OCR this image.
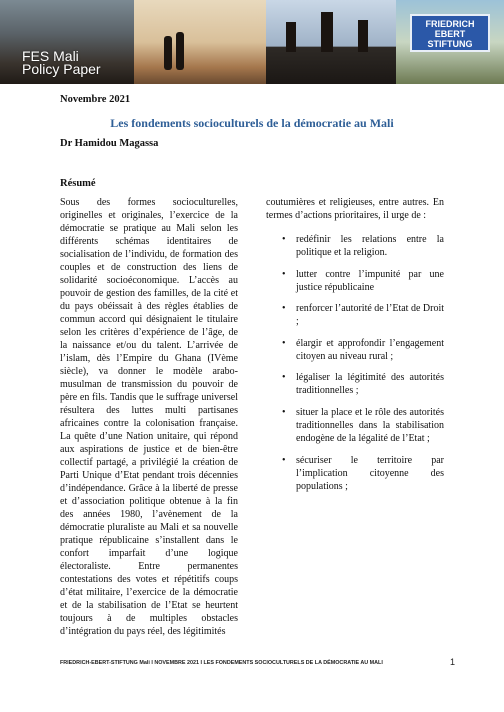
FES Mali
Policy Paper
FRIEDRICH
EBERT
STIFTUNG
Novembre 2021
Les fondements socioculturels de la démocratie au Mali
Dr Hamidou Magassa
Résumé
Sous des formes socioculturelles, originelles et originales, l’exercice de la démocratie se pratique au Mali selon les différents schémas identitaires de socialisation de l’individu, de formation des couples et de construction des liens de solidarité socioéconomique. L’accès au pouvoir de gestion des familles, de la cité et du pays obéissait à des règles établies de commun accord qui désignaient le titulaire selon les critères d’expérience de l’âge, de la naissance et/ou du talent. L’arrivée de l’islam, dès l’Empire du Ghana (IVème siècle), va donner le modèle arabo-musulman de transmission du pouvoir de père en fils. Tandis que le suffrage universel résultera des luttes multi partisanes africaines contre la colonisation française. La quête d’une Nation unitaire, qui répond aux aspirations de justice et de bien-être collectif partagé, a privilégié la création de Parti Unique d’Etat pendant trois décennies d’indépendance. Grâce à la liberté de presse et d’association politique obtenue à la fin des années 1980, l’avènement de la démocratie pluraliste au Mali et sa nouvelle pratique républicaine s’installent dans le confort imparfait d’une logique électoraliste. Entre permanentes contestations des votes et répétitifs coups d’état militaire, l’exercice de la démocratie et de la stabilisation de l’Etat se heurtent toujours à de multiples obstacles d’intégration du pays réel, des légitimités
coutumières et religieuses, entre autres. En termes d’actions prioritaires, il urge de :
• redéfinir les relations entre la politique et la religion.
• lutter contre l’impunité par une justice républicaine
• renforcer l’autorité de l’Etat de Droit ;
• élargir et approfondir l’engagement citoyen au niveau rural ;
• légaliser la légitimité des autorités traditionnelles ;
• situer la place et le rôle des autorités traditionnelles dans la stabilisation endogène de la légalité de l’Etat ;
• sécuriser le territoire par l’implication citoyenne des populations ;
FRIEDRICH-EBERT-STIFTUNG Mali I NOVEMBRE 2021 I LES FONDEMENTS SOCIOCULTURELS DE LA DÉMOCRATIE AU MALI	1
